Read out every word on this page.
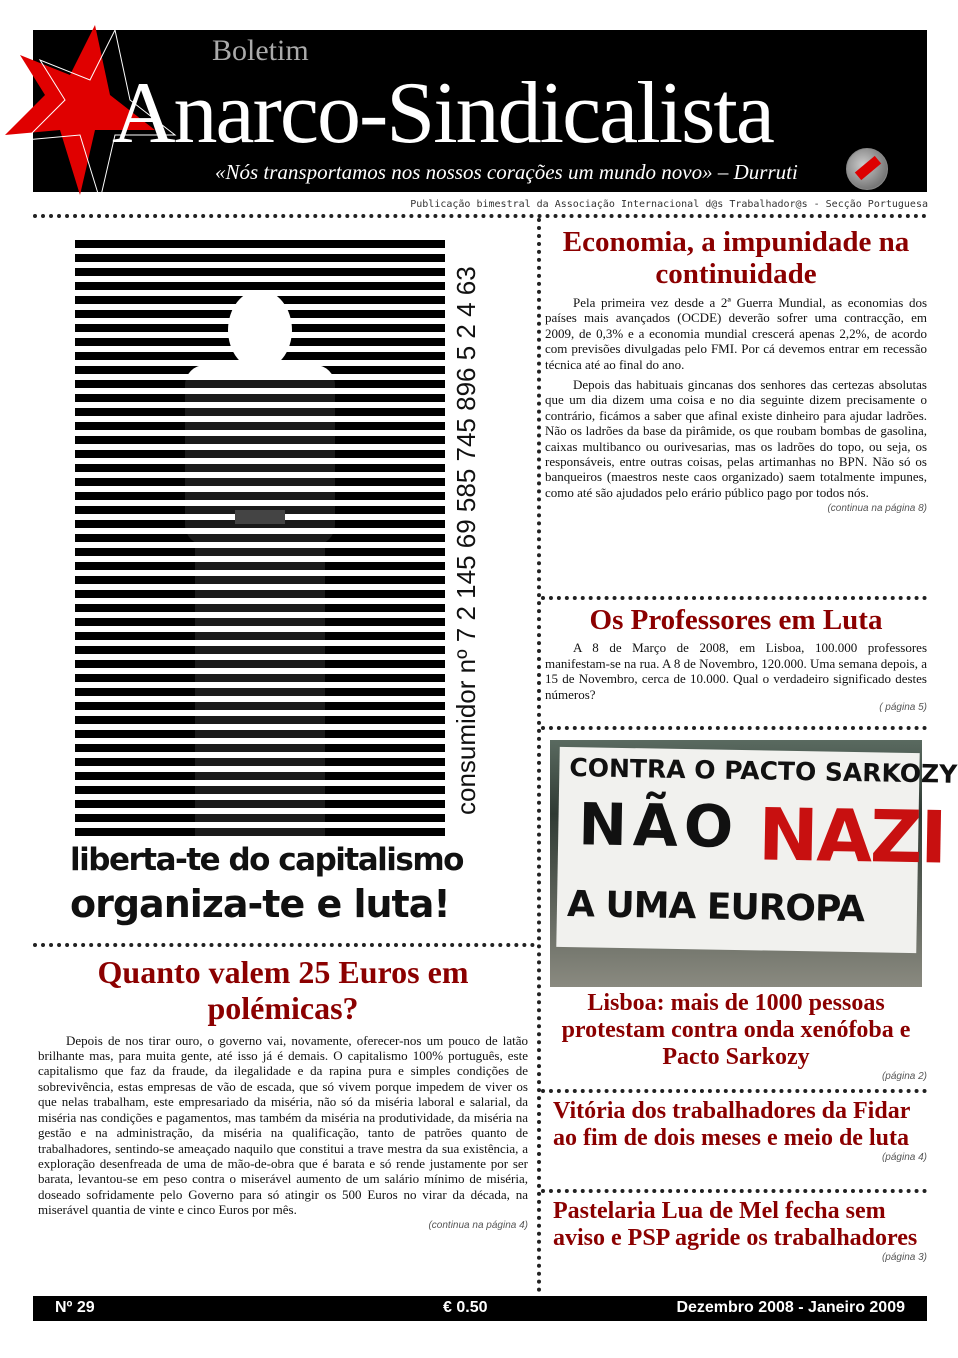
Boletim
Anarco-Sindicalista
«Nós transportamos nos nossos corações um mundo novo» – Durruti
Publicação bimestral da Associação Internacional d@s Trabalhador@s - Secção Portuguesa
consumidor nº 7 2 145 69 585 745 896 5 2 4 63
liberta-te do capitalismo
organiza-te e luta!
Quanto valem 25 Euros em polémicas?

Depois de nos tirar ouro, o governo vai, novamente, oferecer-nos um pouco de latão brilhante mas, para muita gente, até isso já é demais. O capitalismo 100% português, este capitalismo que faz da fraude, da ilegalidade e da rapina pura e simples condições de sobrevivência, estas empresas de vão de escada, que só vivem porque impedem de viver os que nelas trabalham, este empresariado da miséria, não só da miséria laboral e salarial, da miséria nas condições e pagamentos, mas também da miséria na produtividade, da miséria na gestão e na administração, da miséria na qualificação, tanto de patrões quanto de trabalhadores, sentindo-se ameaçado naquilo que constitui a trave mestra da sua existência, a exploração desenfreada de uma de mão-de-obra que é barata e só rende justamente por ser barata, levantou-se em peso contra o miserável aumento de um salário mínimo de miséria, doseado sofridamente pelo Governo para só atingir os 500 Euros no virar da década, na miserável quantia de vinte e cinco Euros por mês.

(continua na página 4)
Economia, a impunidade na continuidade

Pela primeira vez desde a 2ª Guerra Mundial, as economias dos países mais avançados (OCDE) deverão sofrer uma contracção, em 2009, de 0,3% e a economia mundial crescerá apenas 2,2%, de acordo com previsões divulgadas pelo FMI. Por cá devemos entrar em recessão técnica até ao final do ano.

Depois das habituais gincanas dos senhores das certezas absolutas que um dia dizem uma coisa e no dia seguinte dizem precisamente o contrário, ficámos a saber que afinal existe dinheiro para ajudar ladrões. Não os ladrões da base da pirâmide, os que roubam bombas de gasolina, caixas multibanco ou ourivesarias, mas os ladrões do topo, ou seja, os responsáveis, entre outras coisas, pelas artimanhas no BPN. Não só os banqueiros (maestros neste caos organizado) saem totalmente impunes, como até são ajudados pelo erário público pago por todos nós.

(continua na página 8)
Os Professores em Luta

A 8 de Março de 2008, em Lisboa, 100.000 professores manifestam-se na rua. A 8 de Novembro, 120.000. Uma semana depois, a 15 de Novembro, cerca de 10.000. Qual o verdadeiro significado destes números?

( página 5)
CONTRA O PACTO SARKOZY
NÃO
A UMA EUROPA
NAZI
Lisboa: mais de 1000 pessoas protestam contra onda xenófoba e Pacto Sarkozy
(página 2)
Vitória dos trabalhadores da Fidar ao fim de dois meses e meio de luta
(página 4)
Pastelaria Lua de Mel fecha sem aviso e PSP agride os trabalhadores
(página 3)
Nº 29	€ 0.50	Dezembro 2008 - Janeiro 2009
